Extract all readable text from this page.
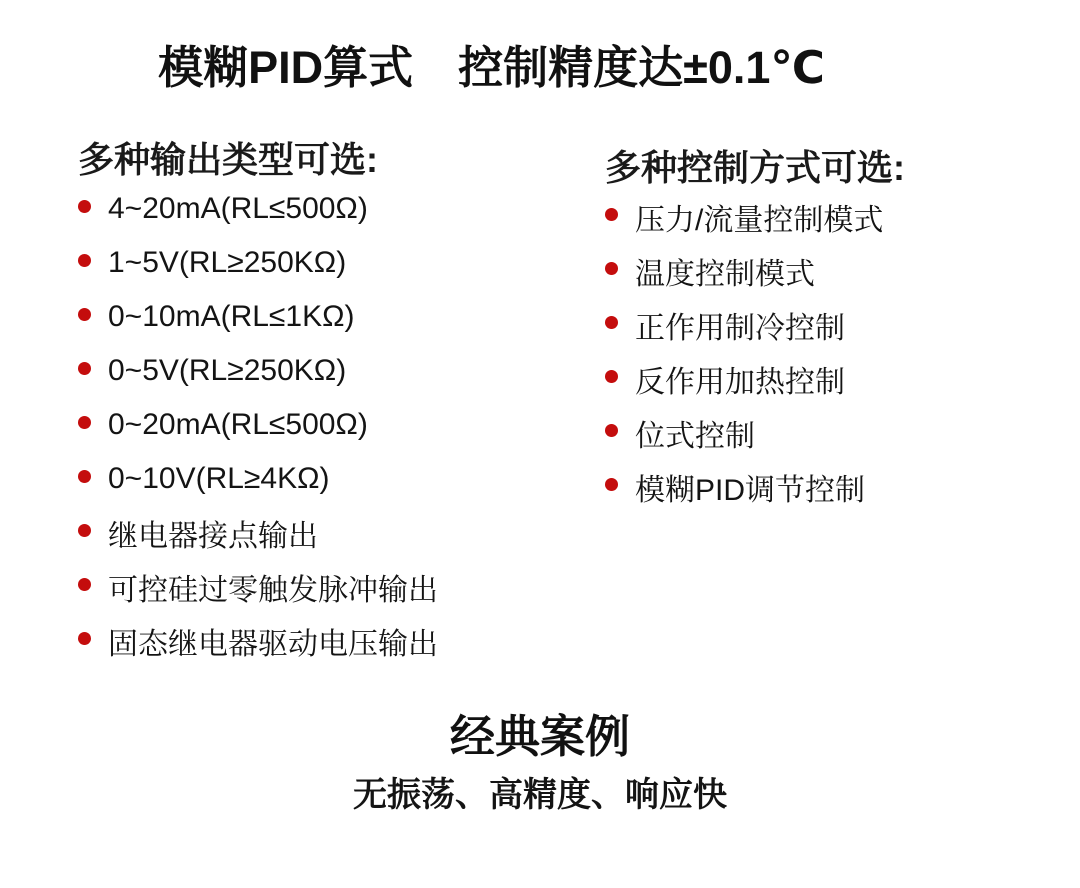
模糊PID算式　控制精度达±0.1℃
多种输出类型可选:
4~20mA(RL≤500Ω)
1~5V(RL≥250KΩ)
0~10mA(RL≤1KΩ)
0~5V(RL≥250KΩ)
0~20mA(RL≤500Ω)
0~10V(RL≥4KΩ)
继电器接点输出
可控硅过零触发脉冲输出
固态继电器驱动电压输出
多种控制方式可选:
压力/流量控制模式
温度控制模式
正作用制冷控制
反作用加热控制
位式控制
模糊PID调节控制
经典案例

无振荡、高精度、响应快
